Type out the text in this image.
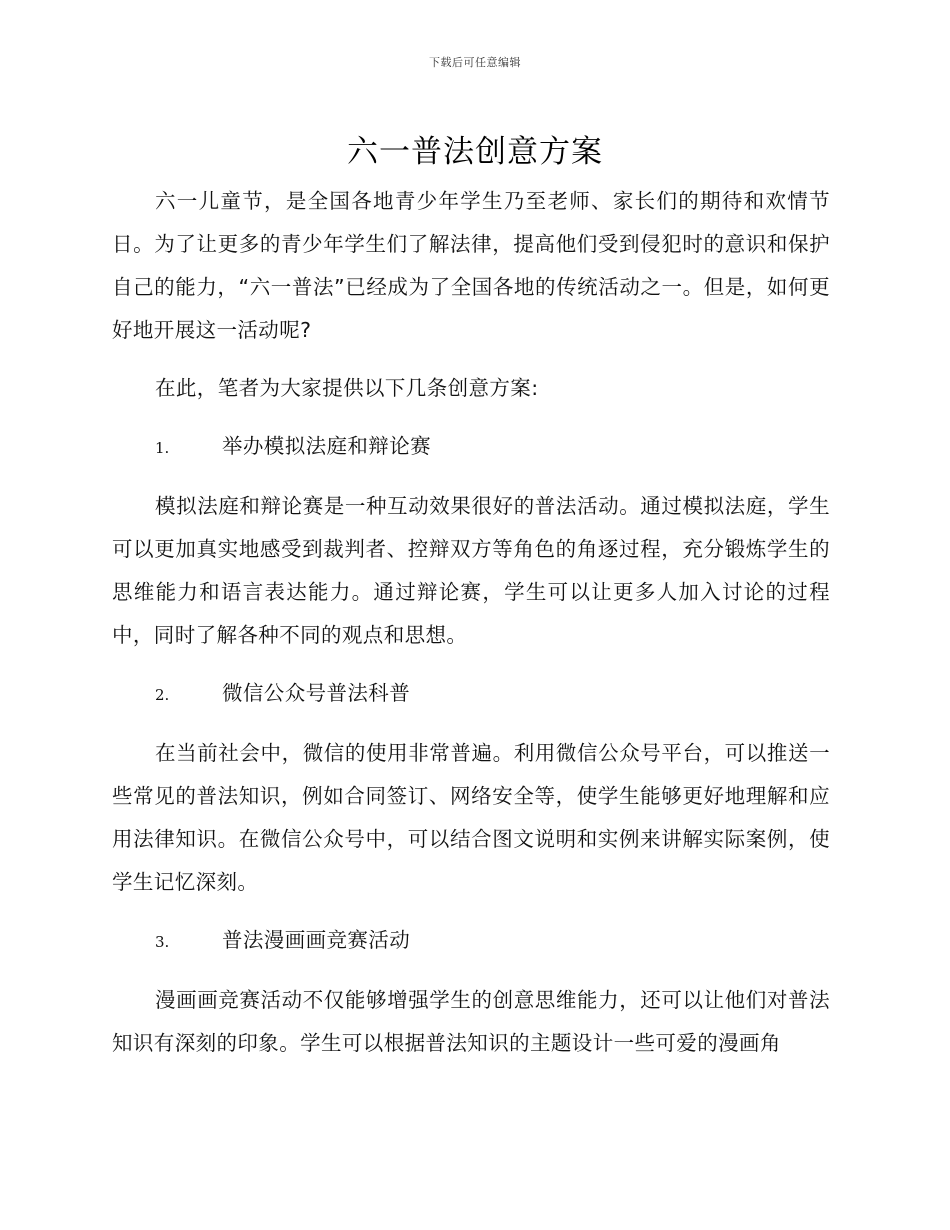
下载后可任意编辑
六一普法创意方案

六一儿童节，是全国各地青少年学生乃至老师、家长们的期待和欢情节日。为了让更多的青少年学生们了解法律，提高他们受到侵犯时的意识和保护自己的能力，“六一普法”已经成为了全国各地的传统活动之一。但是，如何更好地开展这一活动呢?

在此，笔者为大家提供以下几条创意方案:

1.	举办模拟法庭和辩论赛

模拟法庭和辩论赛是一种互动效果很好的普法活动。通过模拟法庭，学生可以更加真实地感受到裁判者、控辩双方等角色的角逐过程，充分锻炼学生的思维能力和语言表达能力。通过辩论赛，学生可以让更多人加入讨论的过程中，同时了解各种不同的观点和思想。

2.	微信公众号普法科普

在当前社会中，微信的使用非常普遍。利用微信公众号平台，可以推送一些常见的普法知识，例如合同签订、网络安全等，使学生能够更好地理解和应用法律知识。在微信公众号中，可以结合图文说明和实例来讲解实际案例，使学生记忆深刻。

3.	普法漫画画竞赛活动

漫画画竞赛活动不仅能够增强学生的创意思维能力，还可以让他们对普法知识有深刻的印象。学生可以根据普法知识的主题设计一些可爱的漫画角
